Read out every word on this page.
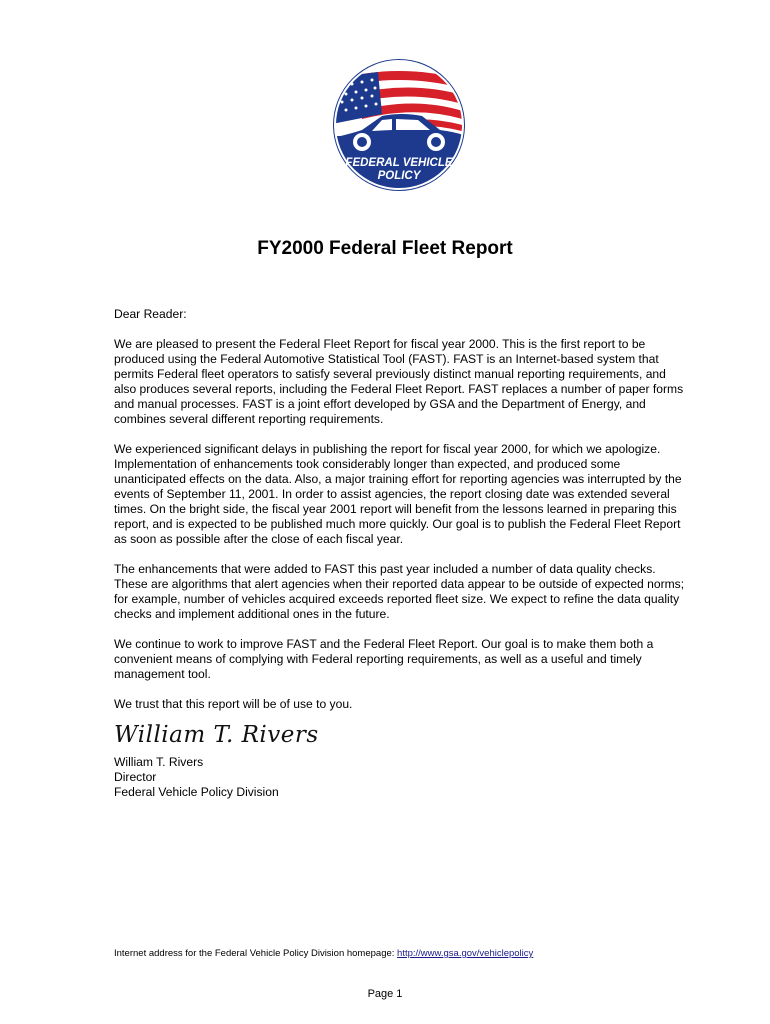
FEDERAL VEHICLE
POLICY
FY2000 Federal Fleet Report

Dear Reader:

We are pleased to present the Federal Fleet Report for fiscal year 2000. This is the first report to be produced using the Federal Automotive Statistical Tool (FAST). FAST is an Internet-based system that permits Federal fleet operators to satisfy several previously distinct manual reporting requirements, and also produces several reports, including the Federal Fleet Report. FAST replaces a number of paper forms and manual processes. FAST is a joint effort developed by GSA and the Department of Energy, and combines several different reporting requirements.

We experienced significant delays in publishing the report for fiscal year 2000, for which we apologize. Implementation of enhancements took considerably longer than expected, and produced some unanticipated effects on the data. Also, a major training effort for reporting agencies was interrupted by the events of September 11, 2001. In order to assist agencies, the report closing date was extended several times. On the bright side, the fiscal year 2001 report will benefit from the lessons learned in preparing this report, and is expected to be published much more quickly. Our goal is to publish the Federal Fleet Report as soon as possible after the close of each fiscal year.

The enhancements that were added to FAST this past year included a number of data quality checks. These are algorithms that alert agencies when their reported data appear to be outside of expected norms; for example, number of vehicles acquired exceeds reported fleet size. We expect to refine the data quality checks and implement additional ones in the future.

We continue to work to improve FAST and the Federal Fleet Report. Our goal is to make them both a convenient means of complying with Federal reporting requirements, as well as a useful and timely management tool.

We trust that this report will be of use to you.

William T. Rivers
William T. Rivers
Director
Federal Vehicle Policy Division
Internet address for the Federal Vehicle Policy Division homepage: http://www.gsa.gov/vehiclepolicy
Page 1
